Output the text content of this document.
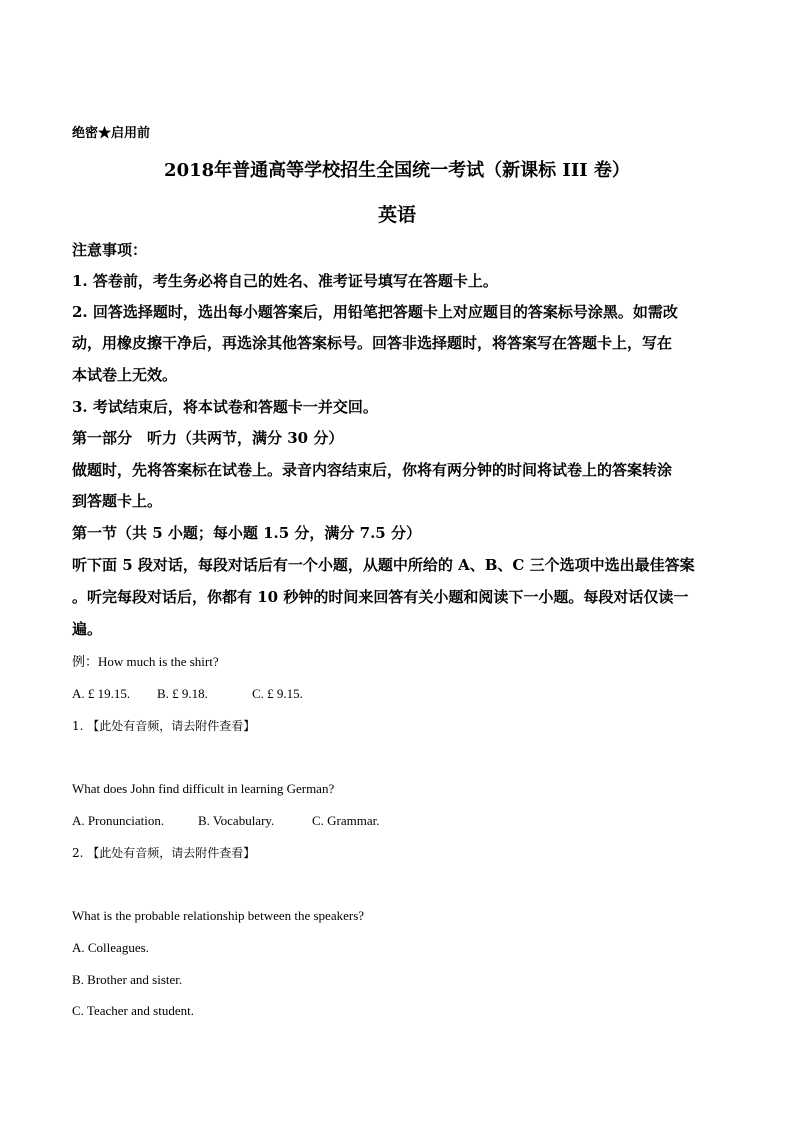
绝密★启用前
2018年普通高等学校招生全国统一考试（新课标 III 卷）
英语
注意事项：
1. 答卷前，考生务必将自己的姓名、准考证号填写在答题卡上。
2. 回答选择题时，选出每小题答案后，用铅笔把答题卡上对应题目的答案标号涂黑。如需改
动，用橡皮擦干净后，再选涂其他答案标号。回答非选择题时，将答案写在答题卡上，写在
本试卷上无效。
3. 考试结束后，将本试卷和答题卡一并交回。
第一部分　听力（共两节，满分 30 分）
做题时，先将答案标在试卷上。录音内容结束后，你将有两分钟的时间将试卷上的答案转涂
到答题卡上。
第一节（共 5 小题；每小题 1.5 分，满分 7.5 分）
听下面 5 段对话，每段对话后有一个小题，从题中所给的 A、B、C 三个选项中选出最佳答案
。听完每段对话后，你都有 10 秒钟的时间来回答有关小题和阅读下一小题。每段对话仅读一
遍。
例：How much is the shirt?
A. £ 19.15. B. £ 9.18.	C. £ 9.15.
1. 【此处有音频，请去附件查看】
What does John find difficult in learning German?
A. Pronunciation.	B. Vocabulary.	C. Grammar.
2. 【此处有音频，请去附件查看】
What is the probable relationship between the speakers?
A. Colleagues.
B. Brother and sister.
C. Teacher and student.
